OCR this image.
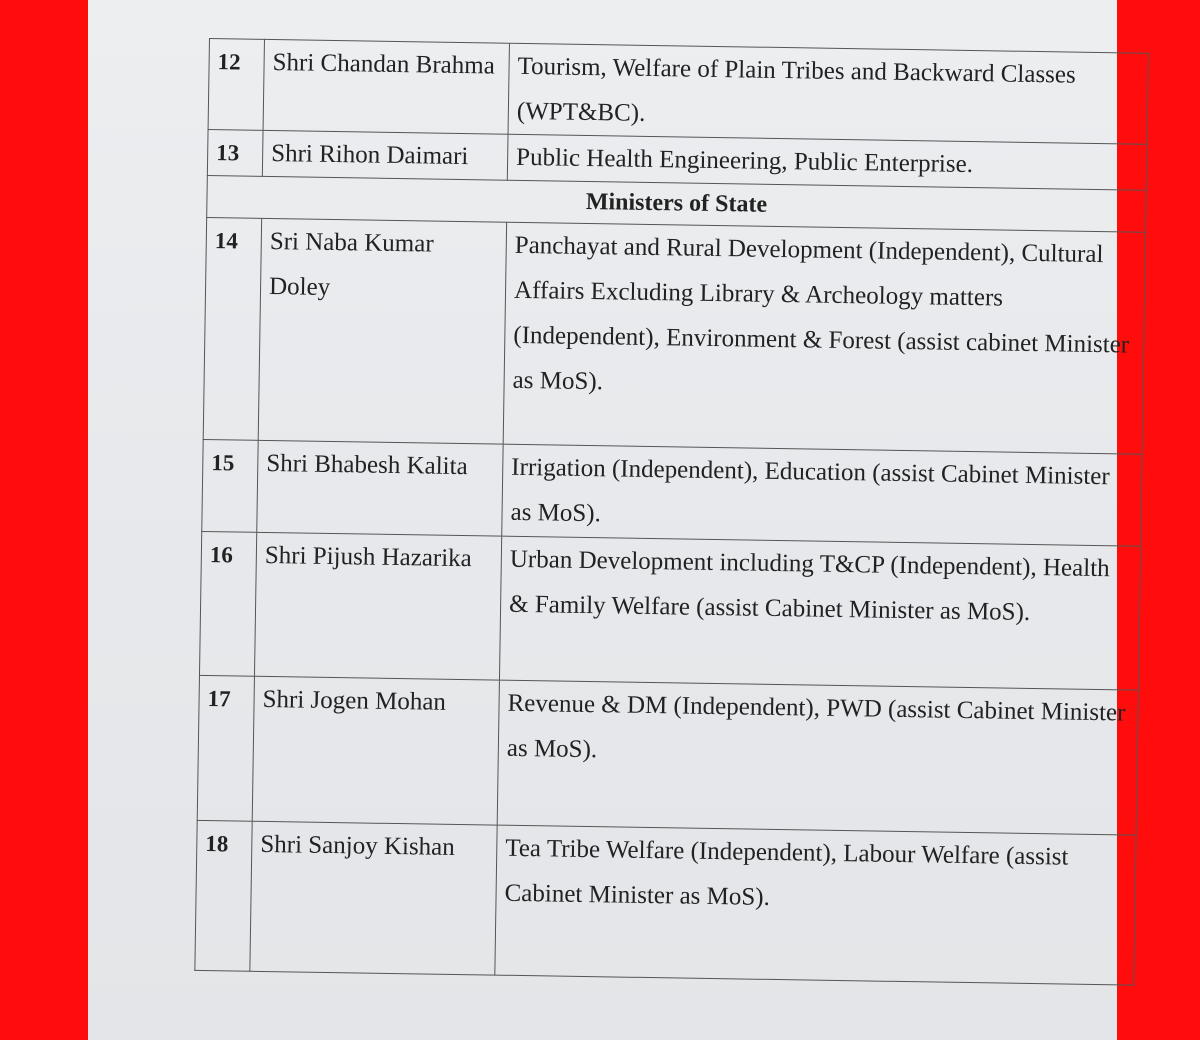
12	Shri Chandan Brahma	Tourism, Welfare of Plain Tribes and Backward Classes (WPT&BC).
13	Shri Rihon Daimari	Public Health Engineering, Public Enterprise.
Ministers of State		
14	Sri Naba Kumar Doley	Panchayat and Rural Development (Independent), Cultural Affairs Excluding Library & Archeology matters (Independent), Environment & Forest (assist cabinet Minister as MoS).
15	Shri Bhabesh Kalita	Irrigation (Independent), Education (assist Cabinet Minister as MoS).
16	Shri Pijush Hazarika	Urban Development including T&CP (Independent), Health & Family Welfare (assist Cabinet Minister as MoS).
17	Shri Jogen Mohan	Revenue & DM (Independent), PWD (assist Cabinet Minister as MoS).
18	Shri Sanjoy Kishan	Tea Tribe Welfare (Independent), Labour Welfare (assist Cabinet Minister as MoS).
